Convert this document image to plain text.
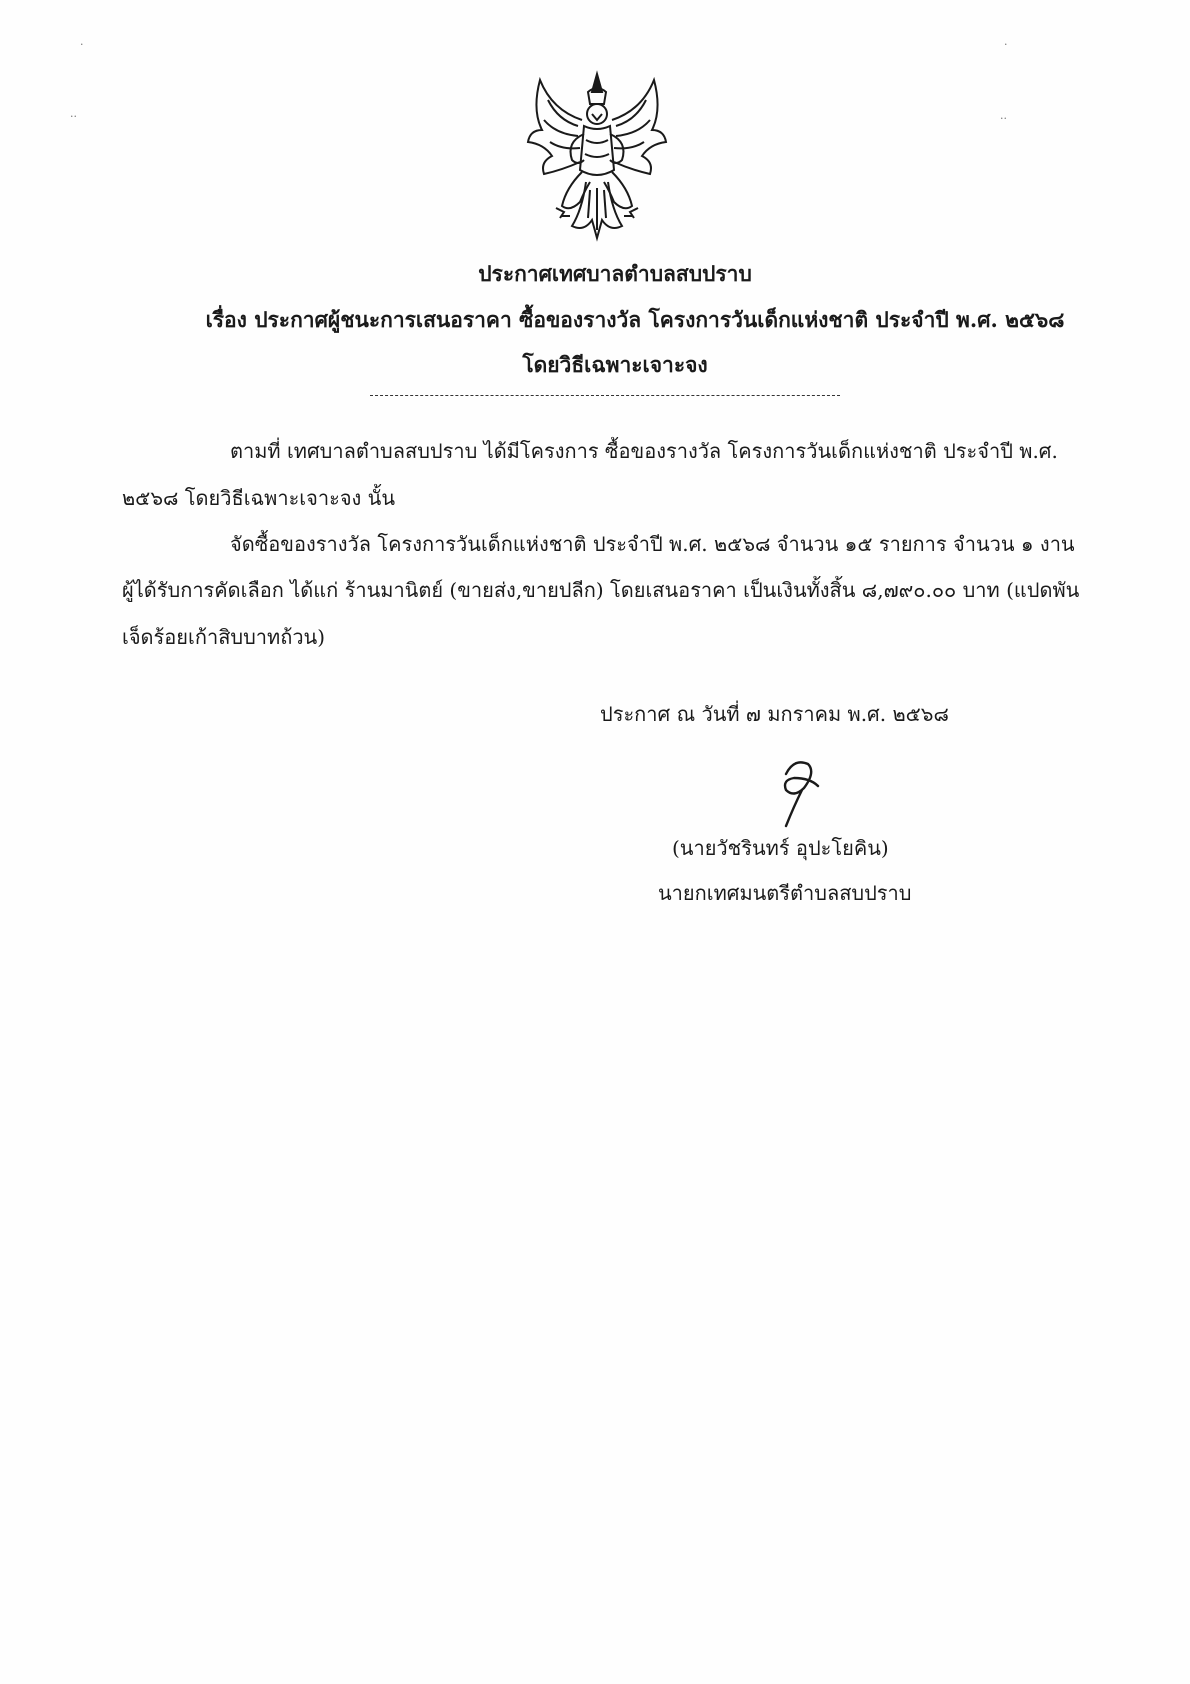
·	·
··	··
ประกาศเทศบาลตำบลสบปราบ
เรื่อง ประกาศผู้ชนะการเสนอราคา ซื้อของรางวัล โครงการวันเด็กแห่งชาติ ประจำปี พ.ศ. ๒๕๖๘
โดยวิธีเฉพาะเจาะจง
ตามที่ เทศบาลตำบลสบปราบ ได้มีโครงการ ซื้อของรางวัล โครงการวันเด็กแห่งชาติ ประจำปี พ.ศ.
๒๕๖๘ โดยวิธีเฉพาะเจาะจง นั้น
จัดซื้อของรางวัล โครงการวันเด็กแห่งชาติ ประจำปี พ.ศ. ๒๕๖๘ จำนวน ๑๕ รายการ จำนวน ๑ งาน
ผู้ได้รับการคัดเลือก ได้แก่ ร้านมานิตย์ (ขายส่ง,ขายปลีก) โดยเสนอราคา เป็นเงินทั้งสิ้น ๘,๗๙๐.๐๐ บาท (แปดพัน
เจ็ดร้อยเก้าสิบบาทถ้วน)
ประกาศ ณ วันที่ ๗ มกราคม พ.ศ. ๒๕๖๘
(นายวัชรินทร์ อุปะโยคิน)
นายกเทศมนตรีตำบลสบปราบ
